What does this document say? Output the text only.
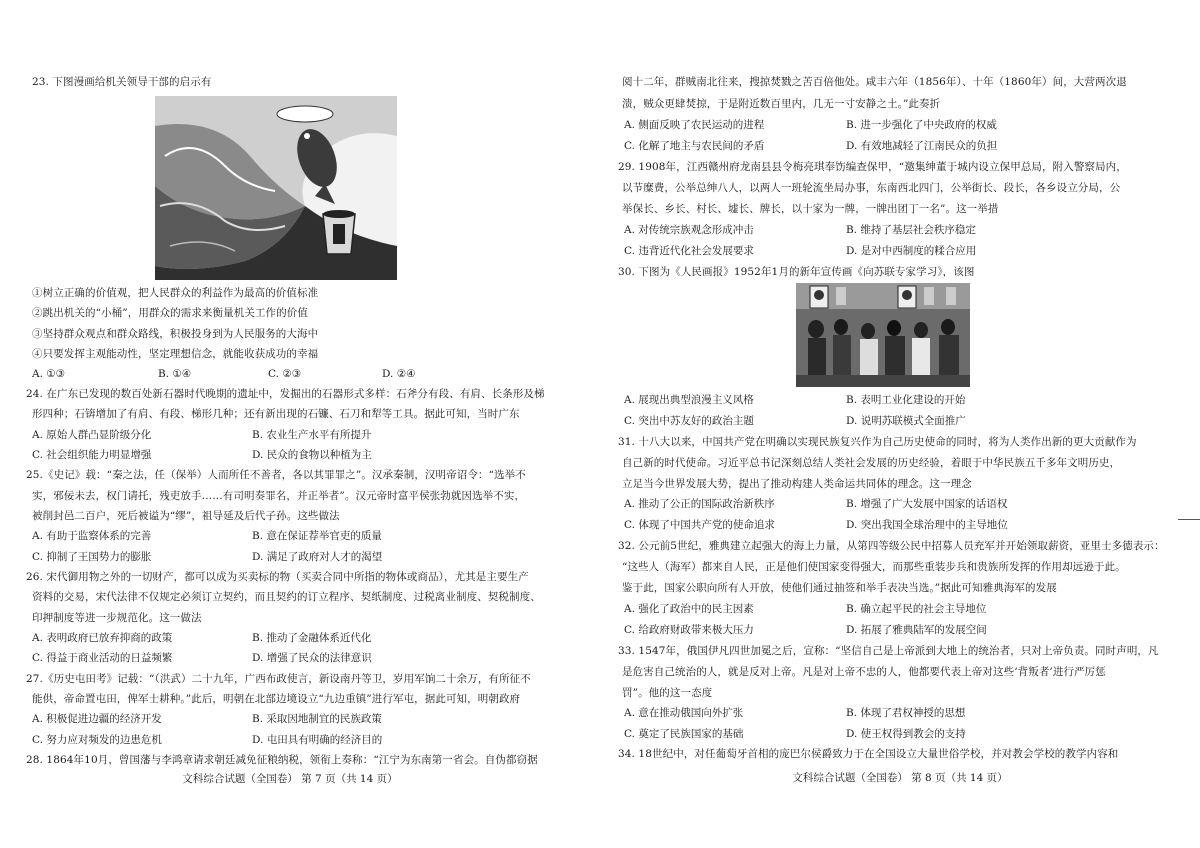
23. 下图漫画给机关领导干部的启示有
①树立正确的价值观，把人民群众的利益作为最高的价值标准
②跳出机关的“小桶”，用群众的需求来衡量机关工作的价值
③坚持群众观点和群众路线，积极投身到为人民服务的大海中
④只要发挥主观能动性，坚定理想信念，就能收获成功的幸福
A. ①③	B. ①④	C. ②③	D. ②④
24. 在广东已发现的数百处新石器时代晚期的遗址中，发掘出的石器形式多样：石斧分有段、有肩、长条形及梯
形四种；石锛增加了有肩、有段、梯形几种；还有新出现的石镰、石刀和犁等工具。据此可知，当时广东
A. 原始人群凸显阶级分化	B. 农业生产水平有所提升
C. 社会组织能力明显增强	D. 民众的食物以种植为主
25.《史记》载：“秦之法，任（保举）人而所任不善者，各以其罪罪之”。汉承秦制，汉明帝诏令：“选举不
实，邪佞未去，权门请托，残吏放手……有司明奏罪名，并正举者”。汉元帝时富平侯张勃就因选举不实，
被削封邑二百户，死后被谥为“缪”，祖导延及后代子孙。这些做法
A. 有助于监察体系的完善	B. 意在保证荐举官吏的质量
C. 抑制了王国势力的膨胀	D. 满足了政府对人才的渴望
26. 宋代御用物之外的一切财产，都可以成为买卖标的物（买卖合同中所指的物体或商品），尤其是主要生产
资料的交易，宋代法律不仅规定必须订立契约，而且契约的订立程序、契纸制度、过税离业制度、契税制度、
印押制度等进一步规范化。这一做法
A. 表明政府已放弃抑商的政策	B. 推动了金融体系近代化
C. 得益于商业活动的日益频繁	D. 增强了民众的法律意识
27.《历史屯田考》记载：“（洪武）二十九年，广西布政使言，新设南丹等卫，岁用军饷二十余万，有所征不
能供，帝命置屯田，俾军士耕种。”此后，明朝在北部边境设立“九边重镇”进行军屯，据此可知，明朝政府
A. 积极促进边疆的经济开发	B. 采取因地制宜的民族政策
C. 努力应对频发的边患危机	D. 屯田具有明确的经济目的
28. 1864年10月，曾国藩与李鸿章请求朝廷减免征粮纳税，领衔上奏称：“江宁为东南第一省会。自伪都窃据
文科综合试题（全国卷） 第 7 页（共 14 页）
阅十二年，群贼南北往来，搜掠焚戮之苦百倍他处。咸丰六年（1856年）、十年（1860年）间，大营两次退
溃，贼众更肆焚掠，于是附近数百里内，几无一寸安静之土。”此奏折
A. 侧面反映了农民运动的进程	B. 进一步强化了中央政府的权威
C. 化解了地主与农民间的矛盾	D. 有效地减轻了江南民众的负担
29. 1908年，江西赣州府龙南县县令梅亮琪奉饬编查保甲，“邀集绅董于城内设立保甲总局，附入警察局内，
以节糜费，公举总绅八人，以两人一班轮流坐局办事，东南西北四门，公举街长、段长，各乡设立分局，公
举保长、乡长、村长、墟长、牌长，以十家为一牌，一牌出团丁一名”。这一举措
A. 对传统宗族观念形成冲击	B. 维持了基层社会秩序稳定
C. 违背近代化社会发展要求	D. 是对中西制度的糅合应用
30. 下图为《人民画报》1952年1月的新年宣传画《向苏联专家学习》，该图
A. 展现出典型浪漫主义风格	B. 表明工业化建设的开始
C. 突出中苏友好的政治主题	D. 说明苏联模式全面推广
31. 十八大以来，中国共产党在明确以实现民族复兴作为自己历史使命的同时，将为人类作出新的更大贡献作为
自己新的时代使命。习近平总书记深刻总结人类社会发展的历史经验，着眼于中华民族五千多年文明历史，
立足当今世界发展大势，提出了推动构建人类命运共同体的理念。这一理念
A. 推动了公正的国际政治新秩序	B. 增强了广大发展中国家的话语权
C. 体现了中国共产党的使命追求	D. 突出我国全球治理中的主导地位
32. 公元前5世纪，雅典建立起强大的海上力量，从第四等级公民中招募人员充军并开始领取薪资，亚里士多德表示：
“这些人（海军）都来自人民，正是他们使国家变得强大，而那些重装步兵和贵族所发挥的作用却远逊于此。
鉴于此，国家公职向所有人开放，使他们通过抽签和举手表决当选。”据此可知雅典海军的发展
A. 强化了政治中的民主因素	B. 确立起平民的社会主导地位
C. 给政府财政带来极大压力	D. 拓展了雅典陆军的发展空间
33. 1547年，俄国伊凡四世加冕之后，宣称：“坚信自己是上帝派到大地上的统治者，只对上帝负责。同时声明，凡
是危害自己统治的人，就是反对上帝。凡是对上帝不忠的人，他都要代表上帝对这些‘背叛者’进行严厉惩
罚”。他的这一态度
A. 意在推动俄国向外扩张	B. 体现了君权神授的思想
C. 奠定了民族国家的基础	D. 使王权得到教会的支持
34. 18世纪中，对任葡萄牙首相的庞巴尔侯爵致力于在全国设立大量世俗学校，并对教会学校的教学内容和
文科综合试题（全国卷） 第 8 页（共 14 页）
